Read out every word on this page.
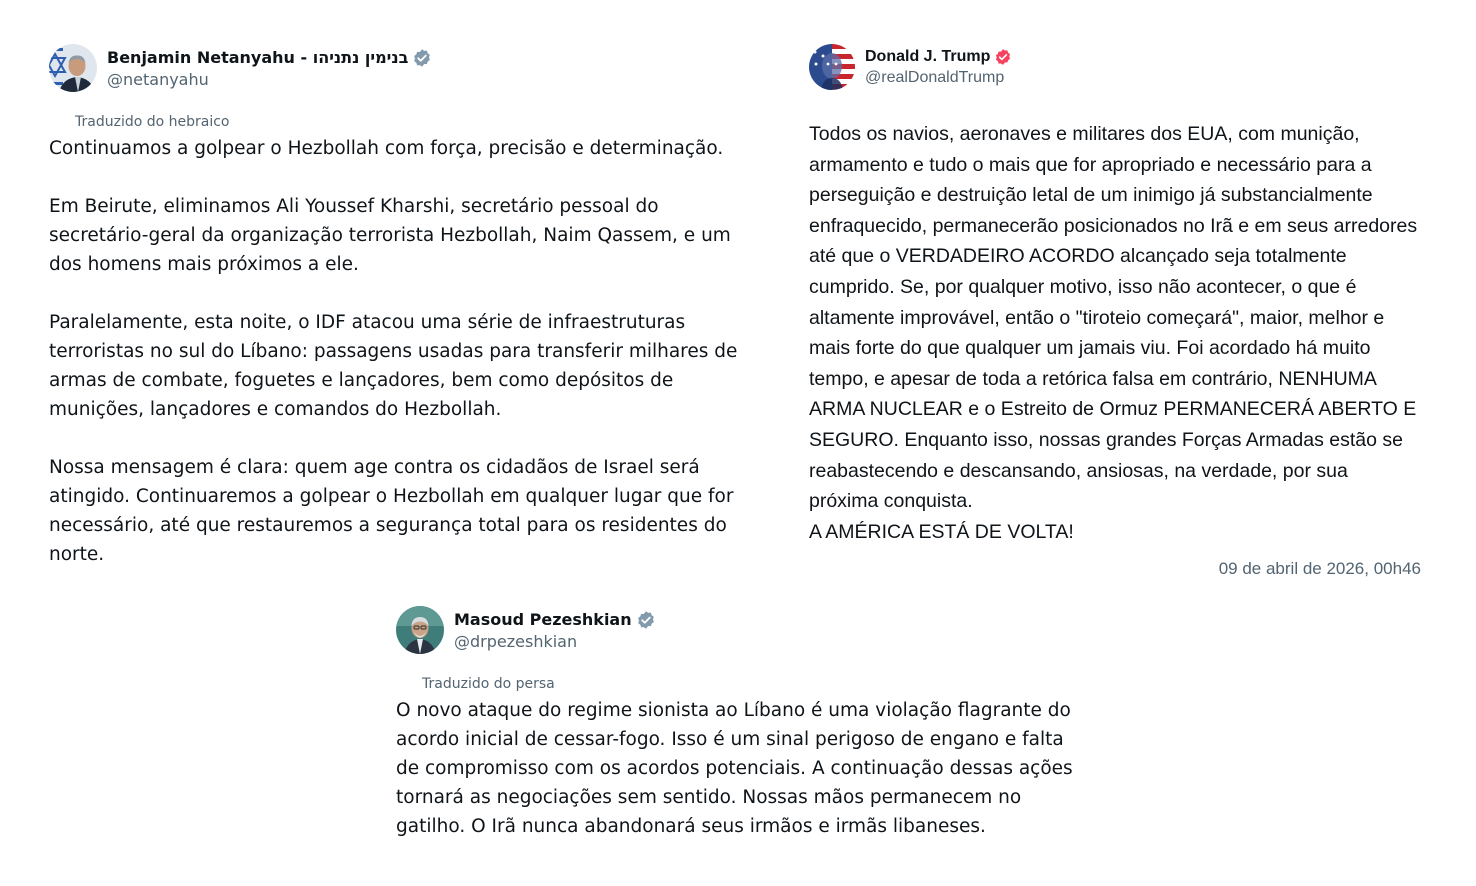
Benjamin Netanyahu - בנימין נתניהו
@netanyahu
Traduzido do hebraico

Continuamos a golpear o Hezbollah com força, precisão e determinação.

Em Beirute, eliminamos Ali Youssef Kharshi, secretário pessoal do secretário-geral da organização terrorista Hezbollah, Naim Qassem, e um dos homens mais próximos a ele.

Paralelamente, esta noite, o IDF atacou uma série de infraestruturas terroristas no sul do Líbano: passagens usadas para transferir milhares de armas de combate, foguetes e lançadores, bem como depósitos de munições, lançadores e comandos do Hezbollah.

Nossa mensagem é clara: quem age contra os cidadãos de Israel será atingido. Continuaremos a golpear o Hezbollah em qualquer lugar que for necessário, até que restauremos a segurança total para os residentes do norte.

Donald J. Trump
@realDonaldTrump

Todos os navios, aeronaves e militares dos EUA, com munição, armamento e tudo o mais que for apropriado e necessário para a perseguição e destruição letal de um inimigo já substancialmente enfraquecido, permanecerão posicionados no Irã e em seus arredores até que o VERDADEIRO ACORDO alcançado seja totalmente cumprido. Se, por qualquer motivo, isso não acontecer, o que é altamente improvável, então o "tiroteio começará", maior, melhor e mais forte do que qualquer um jamais viu. Foi acordado há muito tempo, e apesar de toda a retórica falsa em contrário, NENHUMA ARMA NUCLEAR e o Estreito de Ormuz PERMANECERÁ ABERTO E SEGURO. Enquanto isso, nossas grandes Forças Armadas estão se reabastecendo e descansando, ansiosas, na verdade, por sua próxima conquista.

A AMÉRICA ESTÁ DE VOLTA!

09 de abril de 2026, 00h46
Masoud Pezeshkian
@drpezeshkian
Traduzido do persa

O novo ataque do regime sionista ao Líbano é uma violação flagrante do acordo inicial de cessar-fogo. Isso é um sinal perigoso de engano e falta de compromisso com os acordos potenciais. A continuação dessas ações tornará as negociações sem sentido. Nossas mãos permanecem no gatilho. O Irã nunca abandonará seus irmãos e irmãs libaneses.
